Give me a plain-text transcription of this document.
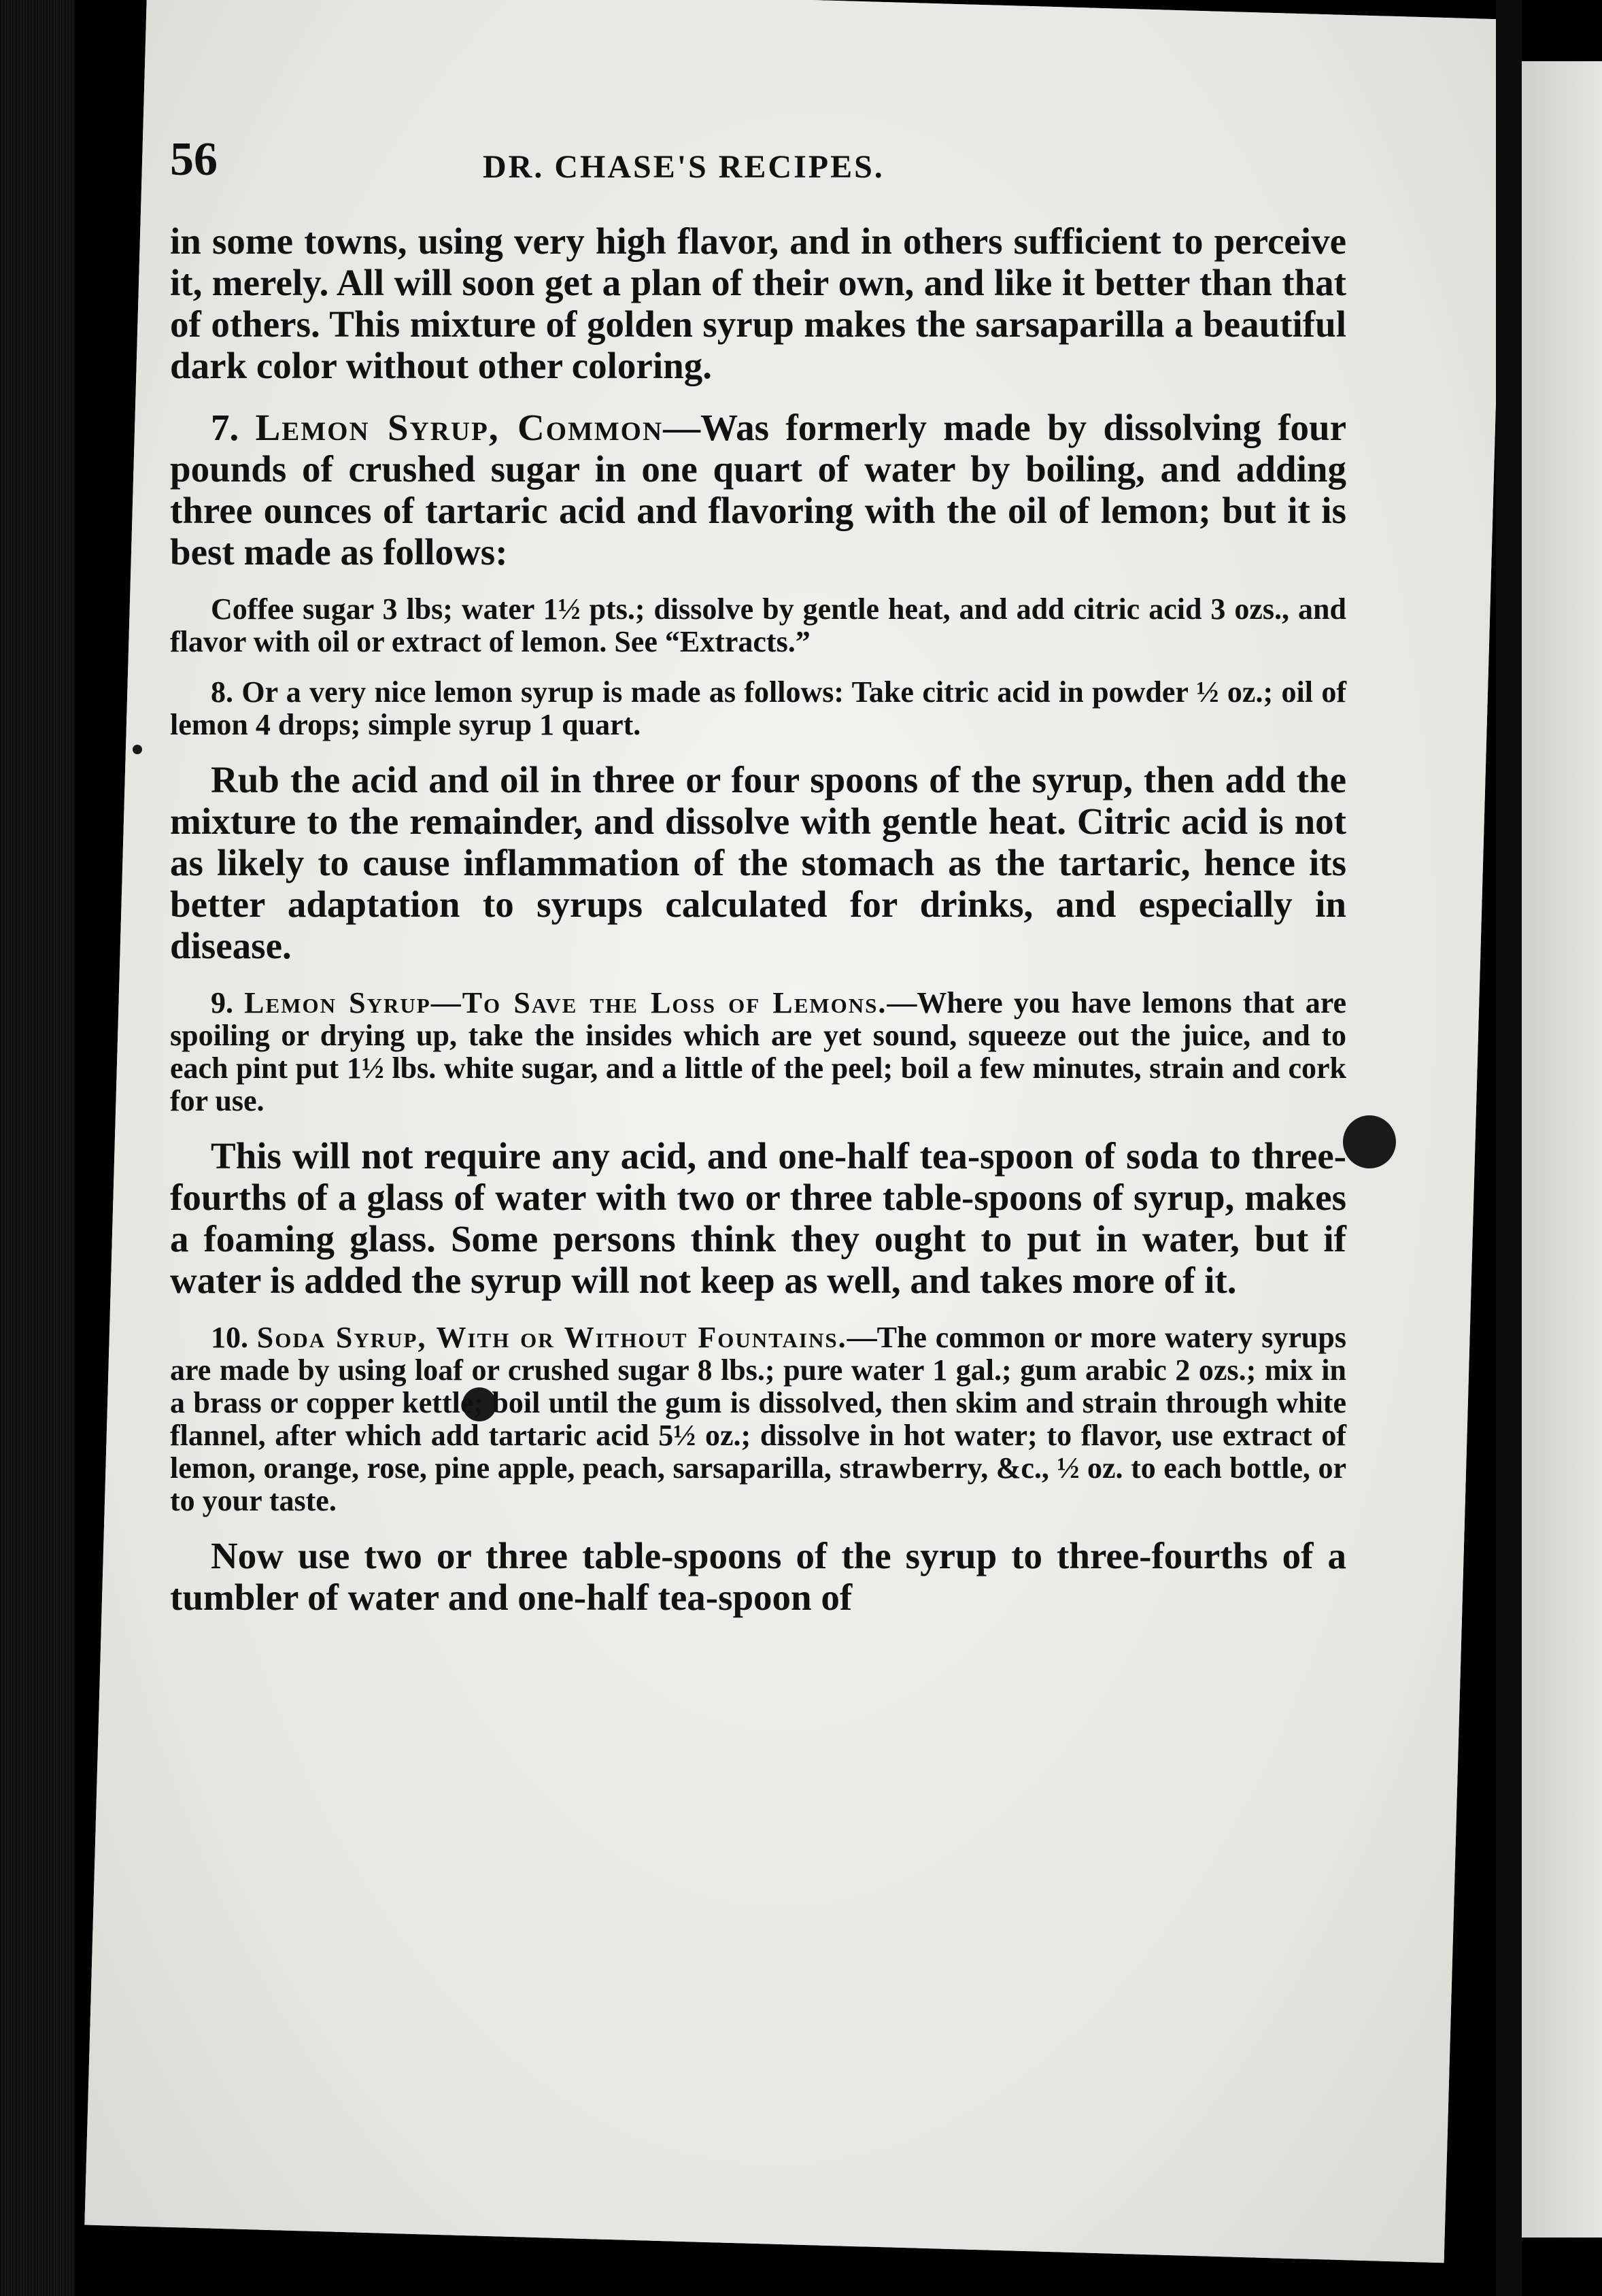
56	DR. CHASE'S RECIPES.

in some towns, using very high flavor, and in others sufficient to perceive it, merely. All will soon get a plan of their own, and like it better than that of others. This mixture of golden syrup makes the sarsaparilla a beautiful dark color without other coloring.

7. Lemon Syrup, Common—Was formerly made by dissolving four pounds of crushed sugar in one quart of water by boiling, and adding three ounces of tartaric acid and flavoring with the oil of lemon; but it is best made as follows:

Coffee sugar 3 lbs; water 1½ pts.; dissolve by gentle heat, and add citric acid 3 ozs., and flavor with oil or extract of lemon. See “Extracts.”

8. Or a very nice lemon syrup is made as follows: Take citric acid in powder ½ oz.; oil of lemon 4 drops; simple syrup 1 quart.

Rub the acid and oil in three or four spoons of the syrup, then add the mixture to the remainder, and dissolve with gentle heat. Citric acid is not as likely to cause inflammation of the stomach as the tartaric, hence its better adaptation to syrups calculated for drinks, and especially in disease.

9. Lemon Syrup—To Save the Loss of Lemons.—Where you have lemons that are spoiling or drying up, take the insides which are yet sound, squeeze out the juice, and to each pint put 1½ lbs. white sugar, and a little of the peel; boil a few minutes, strain and cork for use.

This will not require any acid, and one-half tea-spoon of soda to three-fourths of a glass of water with two or three table-spoons of syrup, makes a foaming glass. Some persons think they ought to put in water, but if water is added the syrup will not keep as well, and takes more of it.

10. Soda Syrup, With or Without Fountains.—The common or more watery syrups are made by using loaf or crushed sugar 8 lbs.; pure water 1 gal.; gum arabic 2 ozs.; mix in a brass or copper kettle; boil until the gum is dissolved, then skim and strain through white flannel, after which add tartaric acid 5½ oz.; dissolve in hot water; to flavor, use extract of lemon, orange, rose, pine apple, peach, sarsaparilla, strawberry, &c., ½ oz. to each bottle, or to your taste.

Now use two or three table-spoons of the syrup to three-fourths of a tumbler of water and one-half tea-spoon of
